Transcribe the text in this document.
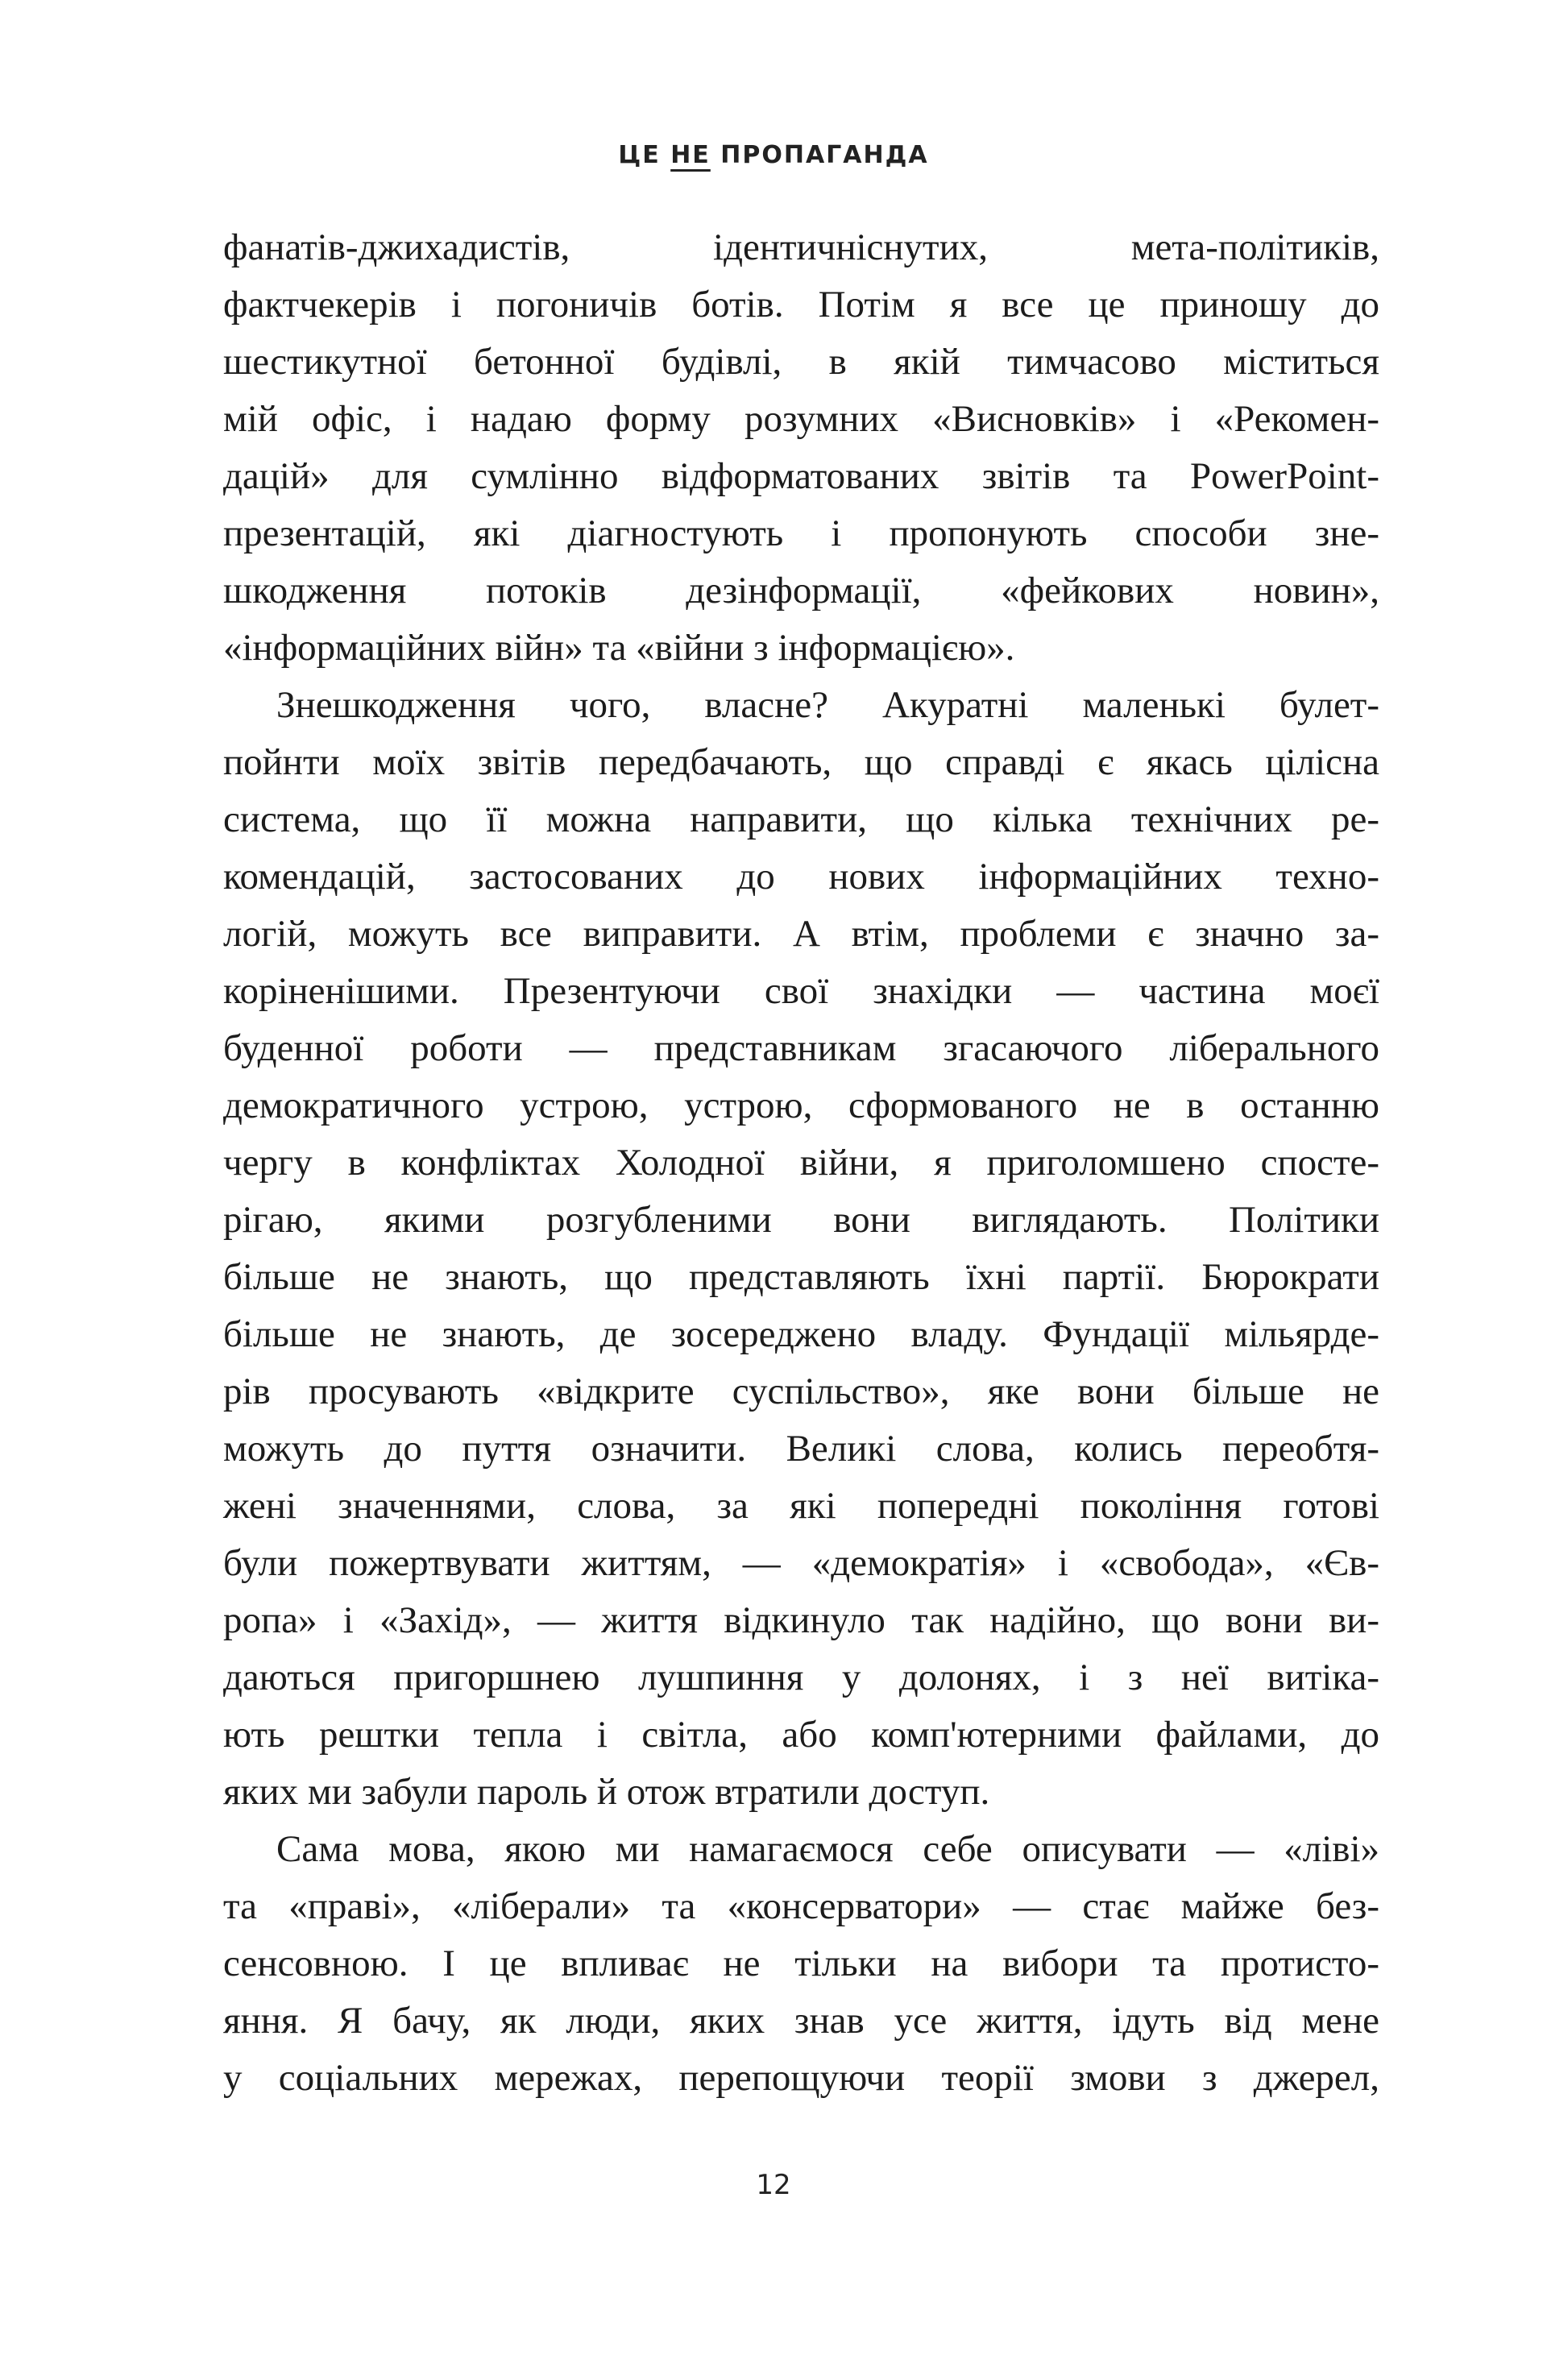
ЦЕ НЕ ПРОПАГАНДА
фанатів-джихадистів, ідентичніснутих, мета-політиків,
фактчекерів і погоничів ботів. Потім я все це приношу до
шестикутної бетонної будівлі, в якій тимчасово міститься
мій офіс, і надаю форму розумних «Висновків» і «Рекомен-
дацій» для сумлінно відформатованих звітів та PowerPoint-
презентацій, які діагностують і пропонують способи зне-
шкодження потоків дезінформації, «фейкових новин»,
«інформаційних війн» та «війни з інформацією».
Знешкодження чого, власне? Акуратні маленькі булет-
пойнти моїх звітів передбачають, що справді є якась цілісна
система, що її можна направити, що кілька технічних ре-
комендацій, застосованих до нових інформаційних техно-
логій, можуть все виправити. А втім, проблеми є значно за-
коріненішими. Презентуючи свої знахідки — частина моєї
буденної роботи — представникам згасаючого ліберального
демократичного устрою, устрою, сформованого не в останню
чергу в конфліктах Холодної війни, я приголомшено споcте-
рігаю, якими розгубленими вони виглядають. Політики
більше не знають, що представляють їхні партії. Бюрократи
більше не знають, де зосереджено владу. Фундації мільярде-
рів просувають «відкрите суспільство», яке вони більше не
можуть до пуття означити. Великі слова, колись переобтя-
жені значеннями, слова, за які попередні покоління готові
були пожертвувати життям, — «демократія» і «свобода», «Єв-
ропа» і «Захід», — життя відкинуло так надійно, що вони ви-
даються пригоршнею лушпиння у долонях, і з неї витіка-
ють рештки тепла і світла, або комп'ютерними файлами, до
яких ми забули пароль й отож втратили доступ.
Сама мова, якою ми намагаємося себе описувати — «ліві»
та «праві», «ліберали» та «консерватори» — стає майже без-
сенсовною. І це впливає не тільки на вибори та протисто-
яння. Я бачу, як люди, яких знав усе життя, ідуть від мене
у соціальних мережах, перепощуючи теорії змови з джерел,
12
